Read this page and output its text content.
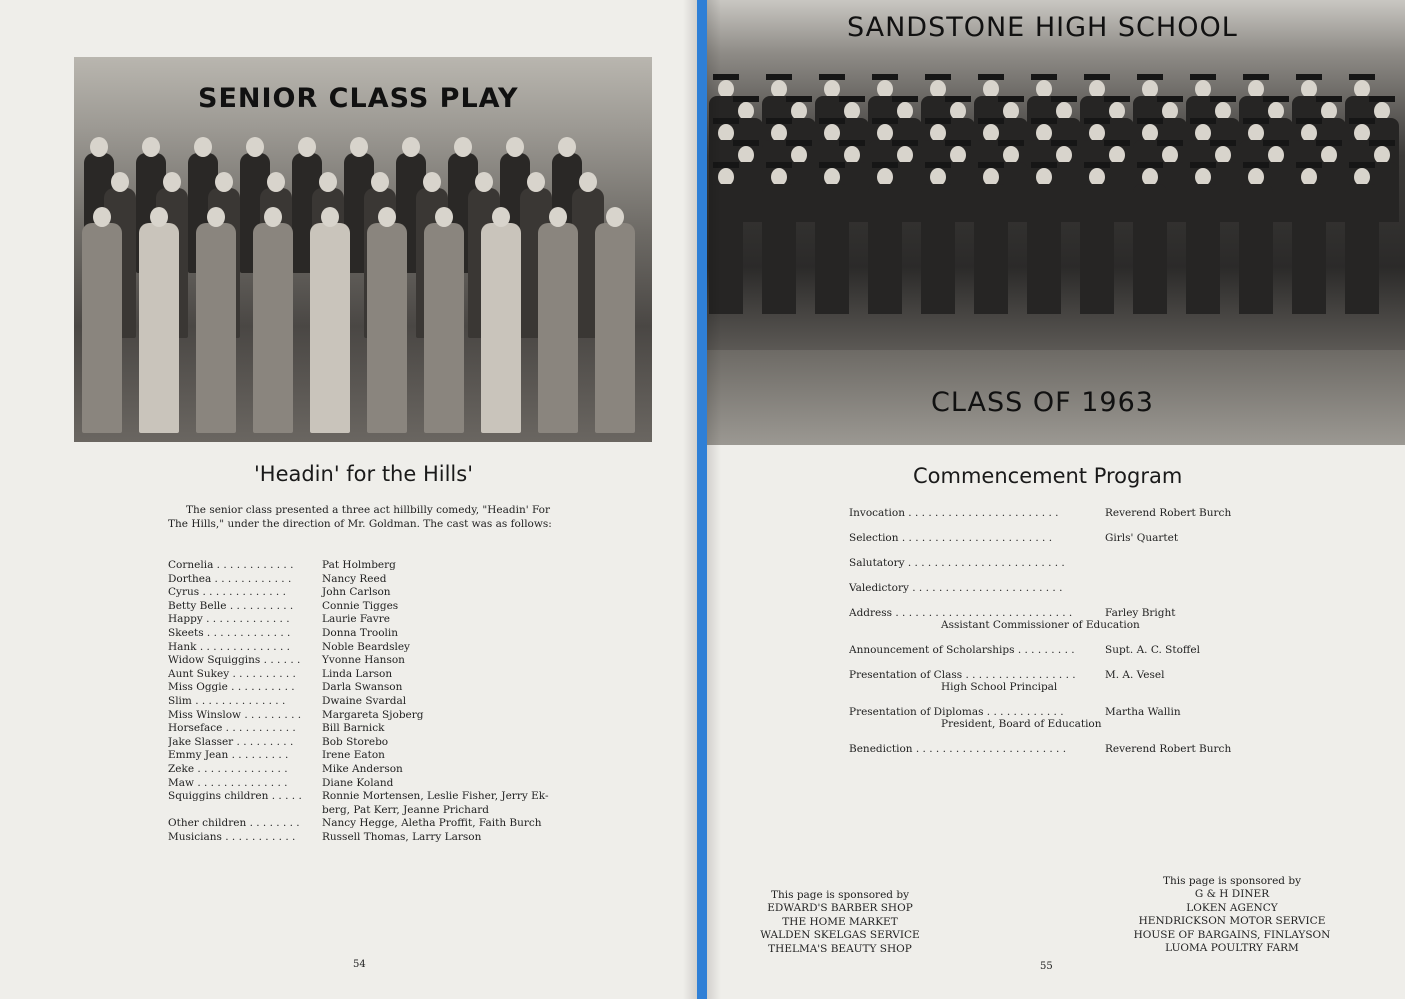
SENIOR CLASS PLAY
'Headin' for the Hills'
The senior class presented a three act hillbilly comedy, "Headin' For The Hills," under the direction of Mr. Goldman. The cast was as follows:
Cornelia . . . . . . . . . . . .	Pat Holmberg
Dorthea . . . . . . . . . . . .	Nancy Reed
Cyrus . . . . . . . . . . . . .	John Carlson
Betty Belle . . . . . . . . . .	Connie Tigges
Happy . . . . . . . . . . . . .	Laurie Favre
Skeets . . . . . . . . . . . . .	Donna Troolin
Hank . . . . . . . . . . . . . .	Noble Beardsley
Widow Squiggins . . . . . .	Yvonne Hanson
Aunt Sukey . . . . . . . . . .	Linda Larson
Miss Oggie . . . . . . . . . .	Darla Swanson
Slim . . . . . . . . . . . . . .	Dwaine Svardal
Miss Winslow . . . . . . . . .	Margareta Sjoberg
Horseface . . . . . . . . . . .	Bill Barnick
Jake Slasser . . . . . . . . .	Bob Storebo
Emmy Jean . . . . . . . . .	Irene Eaton
Zeke . . . . . . . . . . . . . .	Mike Anderson
Maw . . . . . . . . . . . . . .	Diane Koland
Squiggins children . . . . .	Ronnie Mortensen, Leslie Fisher, Jerry Ek-berg, Pat Kerr, Jeanne Prichard
Other children . . . . . . . .	Nancy Hegge, Aletha Proffit, Faith Burch
Musicians . . . . . . . . . . .	Russell Thomas, Larry Larson
54
SANDSTONE HIGH SCHOOL
CLASS OF 1963
Commencement Program
This page is sponsored by
EDWARD'S BARBER SHOP
THE HOME MARKET
WALDEN SKELGAS SERVICE
THELMA'S BEAUTY SHOP
This page is sponsored by
G & H DINER
LOKEN AGENCY
HENDRICKSON MOTOR SERVICE
HOUSE OF BARGAINS, FINLAYSON
LUOMA POULTRY FARM
55
Invocation . . . . . . . . . . . . . . . . . . . . . . .	Reverend Robert Burch
Selection . . . . . . . . . . . . . . . . . . . . . . .	Girls' Quartet
Salutatory . . . . . . . . . . . . . . . . . . . . . . . .
Valedictory . . . . . . . . . . . . . . . . . . . . . . .
Address . . . . . . . . . . . . . . . . . . . . . . . . . . .	Farley Bright
Assistant Commissioner of Education
Announcement of Scholarships . . . . . . . . .	Supt. A. C. Stoffel
Presentation of Class . . . . . . . . . . . . . . . . .	M. A. Vesel
High School Principal
Presentation of Diplomas . . . . . . . . . . . .	Martha Wallin
President, Board of Education
Benediction . . . . . . . . . . . . . . . . . . . . . . .	Reverend Robert Burch
